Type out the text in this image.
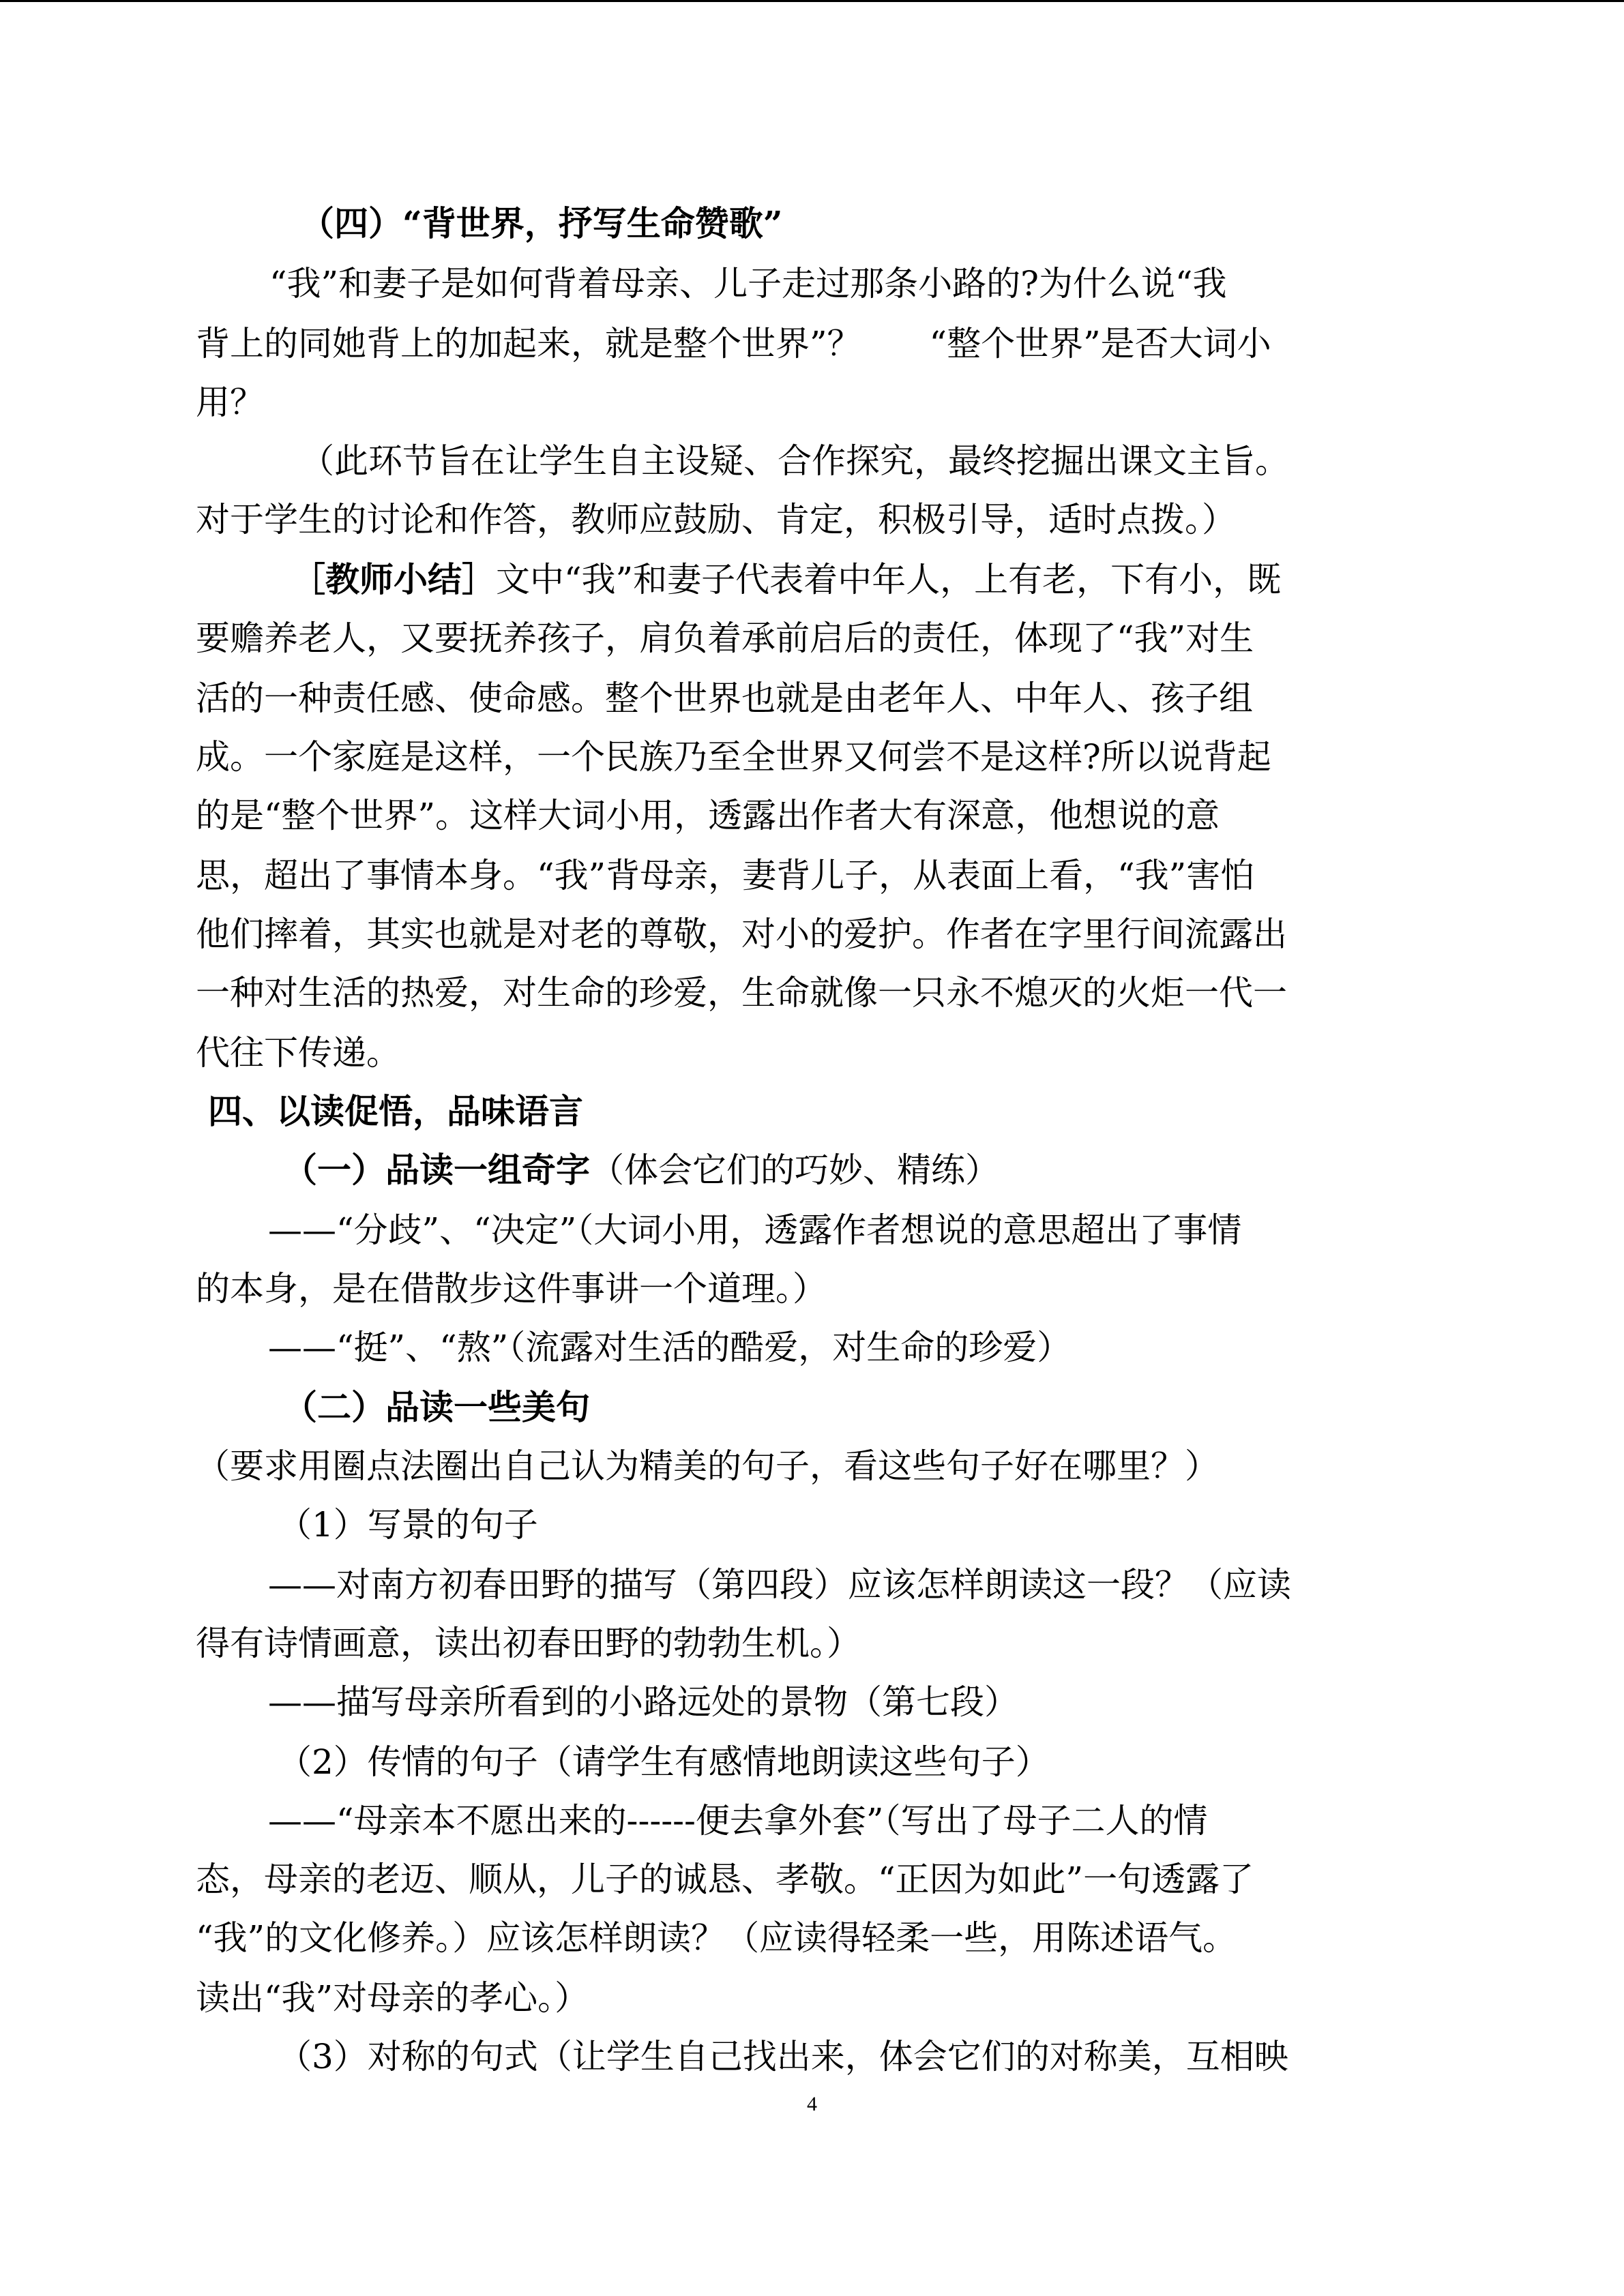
（四）“背世界，抒写生命赞歌”
“我”和妻子是如何背着母亲、儿子走过那条小路的?为什么说“我
背上的同她背上的加起来，就是整个世界”？　　“整个世界”是否大词小
用？
（此环节旨在让学生自主设疑、合作探究，最终挖掘出课文主旨。
对于学生的讨论和作答，教师应鼓励、肯定，积极引导，适时点拨。）
［教师小结］文中“我”和妻子代表着中年人，上有老，下有小，既
要赡养老人，又要抚养孩子，肩负着承前启后的责任，体现了“我”对生
活的一种责任感、使命感。整个世界也就是由老年人、中年人、孩子组
成。一个家庭是这样，一个民族乃至全世界又何尝不是这样?所以说背起
的是“整个世界”。这样大词小用，透露出作者大有深意，他想说的意
思，超出了事情本身。“我”背母亲，妻背儿子，从表面上看，“我”害怕
他们摔着，其实也就是对老的尊敬，对小的爱护。作者在字里行间流露出
一种对生活的热爱，对生命的珍爱，生命就像一只永不熄灭的火炬一代一
代往下传递。
四、以读促悟，品味语言
（一）品读一组奇字（体会它们的巧妙、精练）
——“分歧”、“决定”（大词小用，透露作者想说的意思超出了事情
的本身，是在借散步这件事讲一个道理。）
——“挺”、“熬”（流露对生活的酷爱，对生命的珍爱）
（二）品读一些美句
（要求用圈点法圈出自己认为精美的句子，看这些句子好在哪里？）
（1）写景的句子
——对南方初春田野的描写（第四段）应该怎样朗读这一段？（应读
得有诗情画意，读出初春田野的勃勃生机。）
——描写母亲所看到的小路远处的景物（第七段）
（2）传情的句子（请学生有感情地朗读这些句子）
——“母亲本不愿出来的------便去拿外套”（写出了母子二人的情
态，母亲的老迈、顺从，儿子的诚恳、孝敬。“正因为如此”一句透露了
“我”的文化修养。）应该怎样朗读？（应读得轻柔一些，用陈述语气。
读出“我”对母亲的孝心。）
（3）对称的句式（让学生自己找出来，体会它们的对称美，互相映
4
